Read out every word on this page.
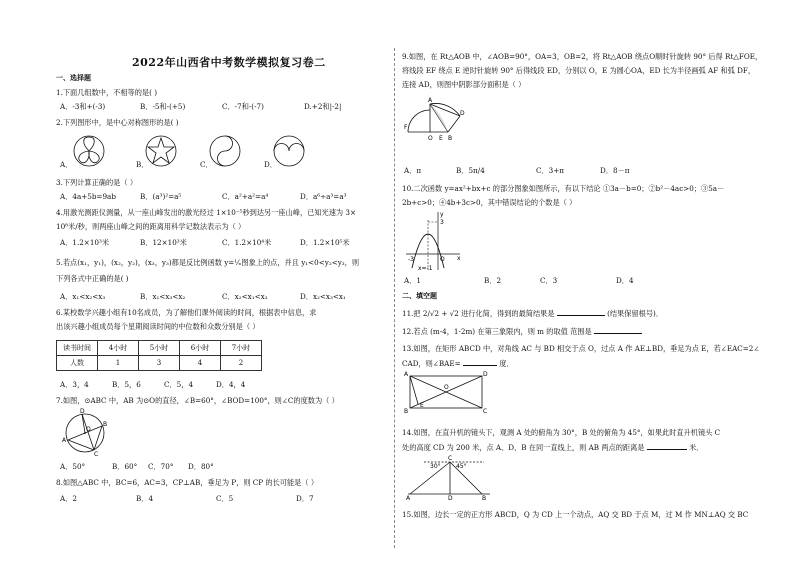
2022年山西省中考数学模拟复习卷二
一、选择题
1.下面几组数中，不相等的是( )
A．-3和+(-3)	B．-5和-(+5)	C．-7和-(-7)	D.+2和|-2|
2.下列图形中，是中心对称图形的是( )
A．	B．	C．	D．
3.下列计算正确的是（ ）
A．4a+5b=9ab	B．(a³)²=a⁵	C．a²+a²=a⁴	D．a⁶÷a³=a³
4.用激光测距仪测量，从一座山峰发出的激光经过 1×10⁻⁵秒到达另一座山峰，已知光速为 3×
10⁸米/秒，则两座山峰之间的距离用科学记数法表示为（ ）
A．1.2×10³米	B．12×10³米	C．1.2×10⁴米	D．1.2×10⁵米
5.若点(x₁，y₁)，(x₂，y₂)，(x₃，y₃)都是反比例函数 y=¹⁄ₓ图象上的点，并且 y₁<0<y₂<y₃，则
下列各式中正确的是( )
A．x₁<x₂<x₃	B．x₁<x₃<x₂	C．x₂<x₁<x₃	D．x₂<x₃<x₁
6.某校数学兴趣小组有10名成员，为了解他们课外阅读的时间，根据表中信息，求
出该兴趣小组成员每个星期阅读时间的中位数和众数分别是（ ）
读书时间	4小时	5小时	6小时	7小时
人数	1	3	4	2
A．3，4	B．5，6	C．5，4	D．4，4
7.如图，⊙ABC 中，AB 为⊙O的直径，∠B=60°，∠BOD=100°，则∠C的度数为（ ）
A
B
C
D
O
A．50°	B．60° C．70° D．80°
8.如图△ABC 中，BC=6，AC=3，CP⊥AB，垂足为 P，则 CP 的长可能是（ ）
A．2	B．4	C．5	D．7
9.如图，在 Rt△AOB 中，∠AOB=90°，OA=3，OB=2，将 Rt△AOB 绕点O顺时针旋转 90° 后得 Rt△FOE，
将线段 EF 绕点 E 逆时针旋转 90° 后得线段 ED，分别以 O，E 为圆心OA，ED 长为半径画弧 AF 和弧 DF，
连接 AD，则图中阴影部分面积是（ ）
F
A
D
O E B
A．π	B．5π/4	C．3+π	D．8－π
10.二次函数 y=ax²+bx+c 的部分图象如图所示，有以下结论 ①3a－b=0；②b²－4ac>0；③5a－
2b+c>0；④4b+3c>0，其中错误结论的个数是（ ）
y
x
O
-3
x=-1
3
A．1	B．2	C．3	D．4
二、填空题
11.把 2/√2 + √2 进行化简，得到的最简结果是	(结果保留根号)．
12.若点 (m-4，1-2m) 在第三象限内，则 m 的取值 范围是
13.如图，在矩形 ABCD 中，对角线 AC 与 BD 相交于点 O，过点 A 作 AE⊥BD，垂足为点 E，若∠EAC=2∠
CAD，则∠BAE=	度．
A	D
B	C
O
E
14.如图，在直升机的镜头下，观测 A 处的俯角为 30°，B 处的俯角为 45°，如果此时直升机镜头 C
处的高度 CD 为 200 米，点 A、D、B 在同一直线上，则 AB 两点的距离是	米．
C
A	D	B
30°	45°
15.如图，边长一定的正方形 ABCD，Q 为 CD 上一个动点，AQ 交 BD 于点 M，过 M 作 MN⊥AQ 交 BC
